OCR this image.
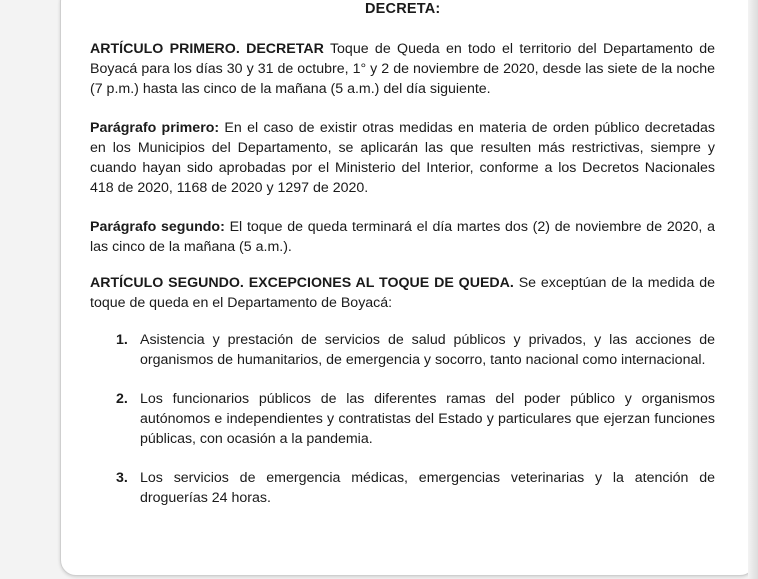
DECRETA:

ARTÍCULO PRIMERO. DECRETAR Toque de Queda en todo el territorio del Departamento de Boyacá para los días 30 y 31 de octubre, 1° y 2 de noviembre de 2020, desde las siete de la noche (7 p.m.) hasta las cinco de la mañana (5 a.m.) del día siguiente.

Parágrafo primero: En el caso de existir otras medidas en materia de orden público decretadas en los Municipios del Departamento, se aplicarán las que resulten más restrictivas, siempre y cuando hayan sido aprobadas por el Ministerio del Interior, conforme a los Decretos Nacionales 418 de 2020, 1168 de 2020 y 1297 de 2020.

Parágrafo segundo: El toque de queda terminará el día martes dos (2) de noviembre de 2020, a las cinco de la mañana (5 a.m.).

ARTÍCULO SEGUNDO. EXCEPCIONES AL TOQUE DE QUEDA. Se exceptúan de la medida de toque de queda en el Departamento de Boyacá:

1. Asistencia y prestación de servicios de salud públicos y privados, y las acciones de organismos de humanitarios, de emergencia y socorro, tanto nacional como internacional.

2. Los funcionarios públicos de las diferentes ramas del poder público y organismos autónomos e independientes y contratistas del Estado y particulares que ejerzan funciones públicas, con ocasión a la pandemia.

3. Los servicios de emergencia médicas, emergencias veterinarias y la atención de droguerías 24 horas.
